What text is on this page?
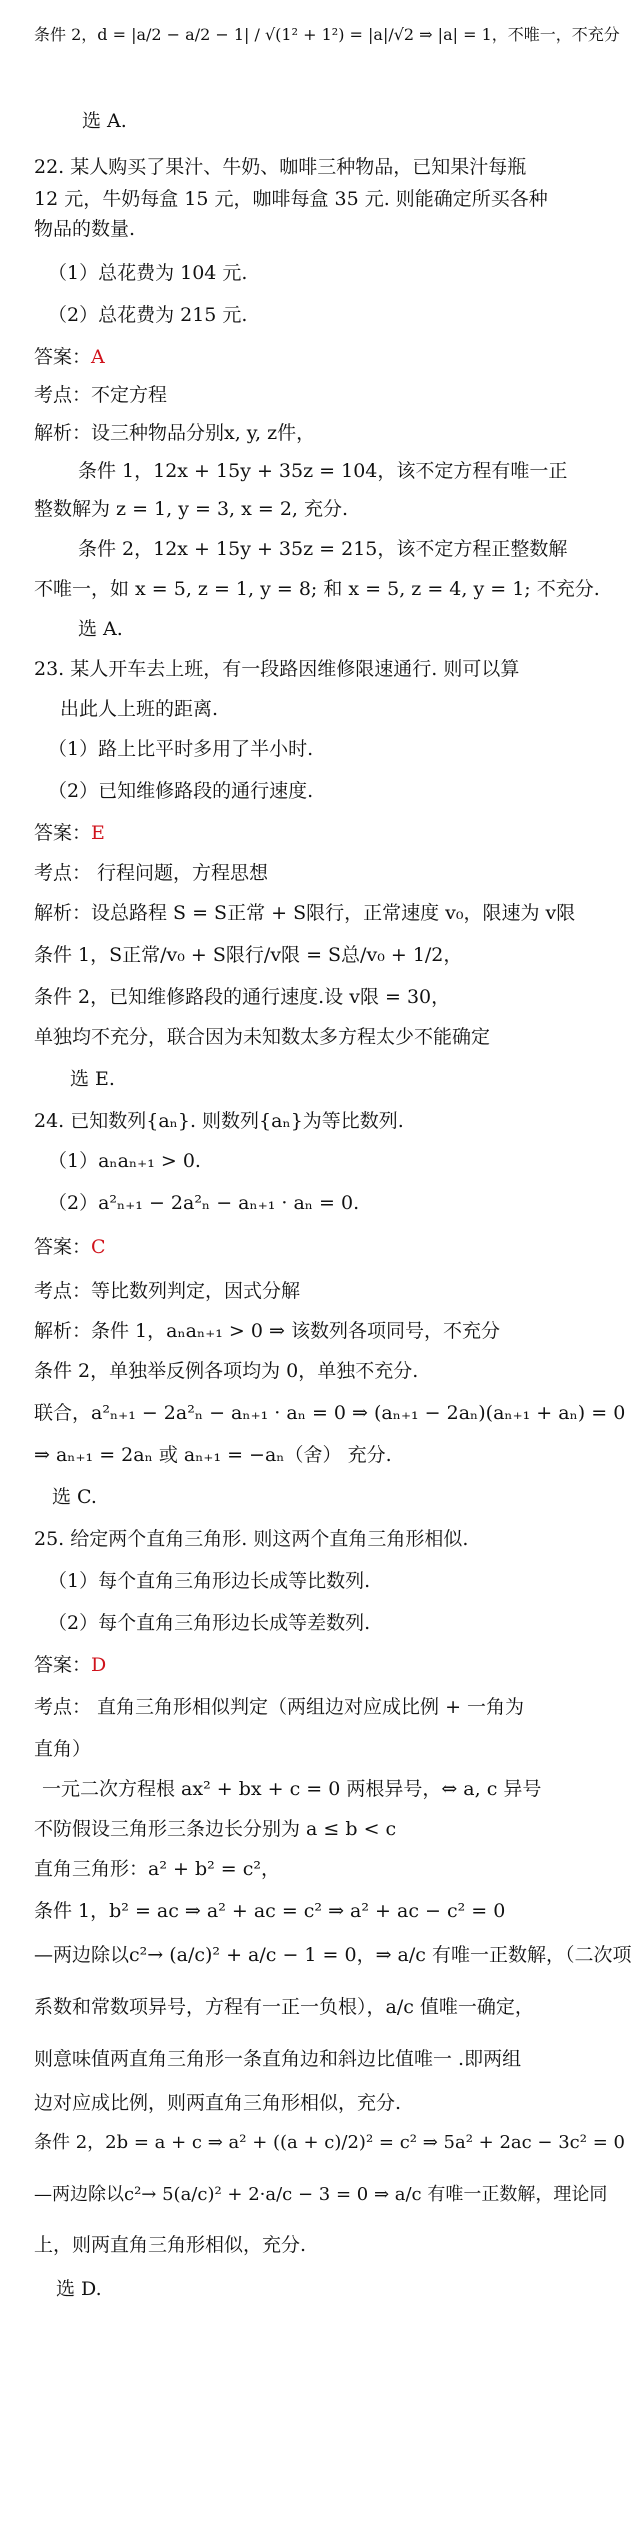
条件 2，d = |a/2 − a/2 − 1| / √(1² + 1²) = |a|/√2 ⇒ |a| = 1，不唯一，不充分
选 A.
22. 某人购买了果汁、牛奶、咖啡三种物品，已知果汁每瓶
12 元，牛奶每盒 15 元，咖啡每盒 35 元. 则能确定所买各种
物品的数量.
（1）总花费为 104 元.
（2）总花费为 215 元.
答案：A
考点：不定方程
解析：设三种物品分别x, y, z件，
条件 1，12x + 15y + 35z = 104，该不定方程有唯一正
整数解为 z = 1, y = 3, x = 2, 充分.
条件 2，12x + 15y + 35z = 215，该不定方程正整数解
不唯一，如 x = 5, z = 1, y = 8; 和 x = 5, z = 4, y = 1; 不充分.
选 A.
23. 某人开车去上班，有一段路因维修限速通行. 则可以算
出此人上班的距离.
（1）路上比平时多用了半小时.
（2）已知维修路段的通行速度.
答案：E
考点： 行程问题，方程思想
解析：设总路程 S = S正常 + S限行，正常速度 v₀，限速为 v限
条件 1，S正常/v₀ + S限行/v限 = S总/v₀ + 1/2，
条件 2，已知维修路段的通行速度.设 v限 = 30，
单独均不充分，联合因为未知数太多方程太少不能确定
选 E.
24. 已知数列{aₙ}. 则数列{aₙ}为等比数列.
（1）aₙaₙ₊₁ > 0.
（2）a²ₙ₊₁ − 2a²ₙ − aₙ₊₁ · aₙ = 0.
答案：C
考点：等比数列判定，因式分解
解析：条件 1，aₙaₙ₊₁ > 0 ⇒ 该数列各项同号，不充分
条件 2，单独举反例各项均为 0，单独不充分.
联合，a²ₙ₊₁ − 2a²ₙ − aₙ₊₁ · aₙ = 0 ⇒ (aₙ₊₁ − 2aₙ)(aₙ₊₁ + aₙ) = 0
⇒ aₙ₊₁ = 2aₙ 或 aₙ₊₁ = −aₙ（舍） 充分.
选 C.
25. 给定两个直角三角形. 则这两个直角三角形相似.
（1）每个直角三角形边长成等比数列.
（2）每个直角三角形边长成等差数列.
答案：D
考点： 直角三角形相似判定（两组边对应成比例 + 一角为
直角）
一元二次方程根 ax² + bx + c = 0 两根异号，⇔ a, c 异号
不防假设三角形三条边长分别为 a ≤ b < c
直角三角形：a² + b² = c²，
条件 1，b² = ac ⇒ a² + ac = c² ⇒ a² + ac − c² = 0
—两边除以c²→ (a/c)² + a/c − 1 = 0，⇒ a/c 有唯一正数解，（二次项
系数和常数项异号，方程有一正一负根），a/c 值唯一确定，
则意味值两直角三角形一条直角边和斜边比值唯一 .即两组
边对应成比例，则两直角三角形相似，充分.
条件 2，2b = a + c ⇒ a² + ((a + c)/2)² = c² ⇒ 5a² + 2ac − 3c² = 0
—两边除以c²→ 5(a/c)² + 2·a/c − 3 = 0 ⇒ a/c 有唯一正数解，理论同
上，则两直角三角形相似，充分.
选 D.
